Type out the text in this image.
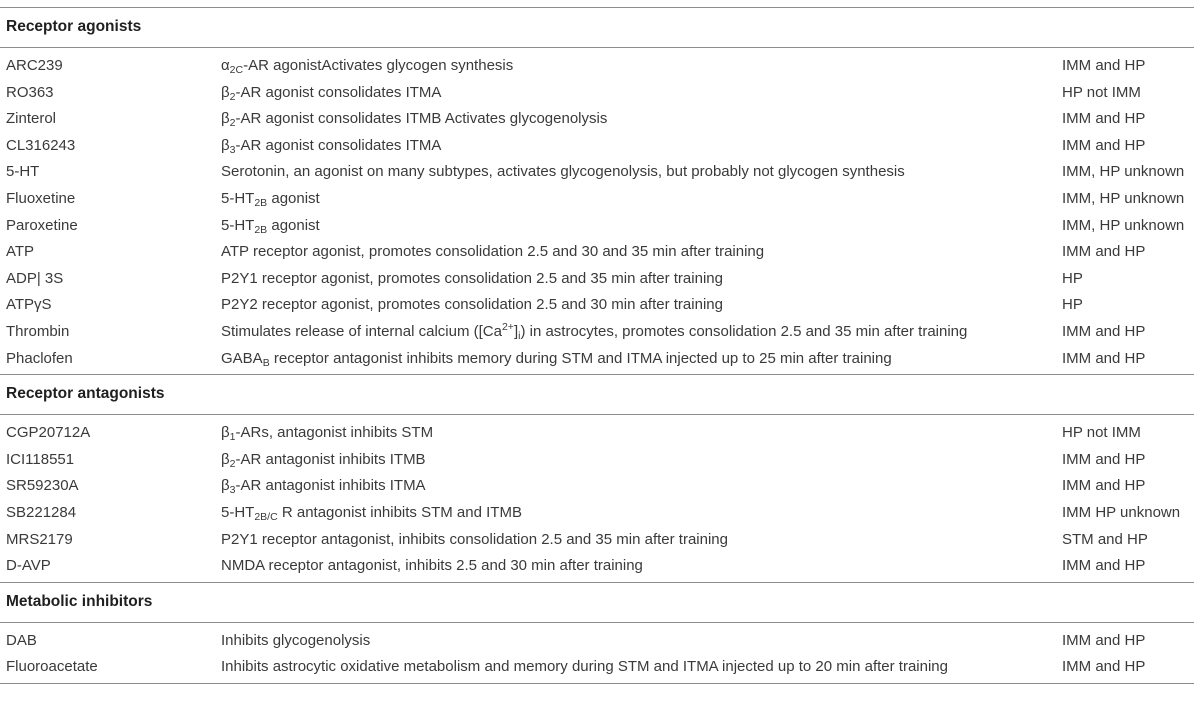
Receptor agonists
ARC239	$\alpha_{2C}-AR$ agonistActivates glycogen synthesis	IMM and HP
RO363	$\beta_2-AR$ agonist consolidates ITMA	HP not IMM
Zinterol	$\beta_2-AR$ agonist consolidates ITMB Activates glycogenolysis	IMM and HP
CL316243	$\beta_3-AR$ agonist consolidates ITMA	IMM and HP
5-HT	Serotonin, an agonist on many subtypes, activates glycogenolysis, but probably not glycogen synthesis	IMM, HP unknown
Fluoxetine	$5-HT_{2B}$ agonist	IMM, HP unknown
Paroxetine	$5-HT_{2B}$ agonist	IMM, HP unknown
ATP	ATP receptor agonist, promotes consolidation 2.5 and 30 and 35 min after training	IMM and HP
ADP| 3S	P2Y1 receptor agonist, promotes consolidation 2.5 and 35 min after training	HP
ATPγS	P2Y2 receptor agonist, promotes consolidation 2.5 and 30 min after training	HP
Thrombin	Stimulates release of internal calcium $([Ca^{2+}]_i)$ in astrocytes, promotes consolidation 2.5 and 35 min after training	IMM and HP
Phaclofen	$GABA_B$ receptor antagonist inhibits memory during STM and ITMA injected up to 25 min after training	IMM and HP
Receptor antagonists
CGP20712A	$\beta_1$-ARs, antagonist inhibits STM	HP not IMM
ICI118551	$\beta_2-AR$ antagonist inhibits ITMB	IMM and HP
SR59230A	$\beta_3-AR$ antagonist inhibits ITMA	IMM and HP
SB221284	$5-HT_{2B/C}$ R antagonist inhibits STM and ITMB	IMM HP unknown
MRS2179	P2Y1 receptor antagonist, inhibits consolidation 2.5 and 35 min after training	STM and HP
D-AVP	NMDA receptor antagonist, inhibits 2.5 and 30 min after training	IMM and HP
Metabolic inhibitors
DAB	Inhibits glycogenolysis	IMM and HP
Fluoroacetate	Inhibits astrocytic oxidative metabolism and memory during STM and ITMA injected up to 20 min after training	IMM and HP
